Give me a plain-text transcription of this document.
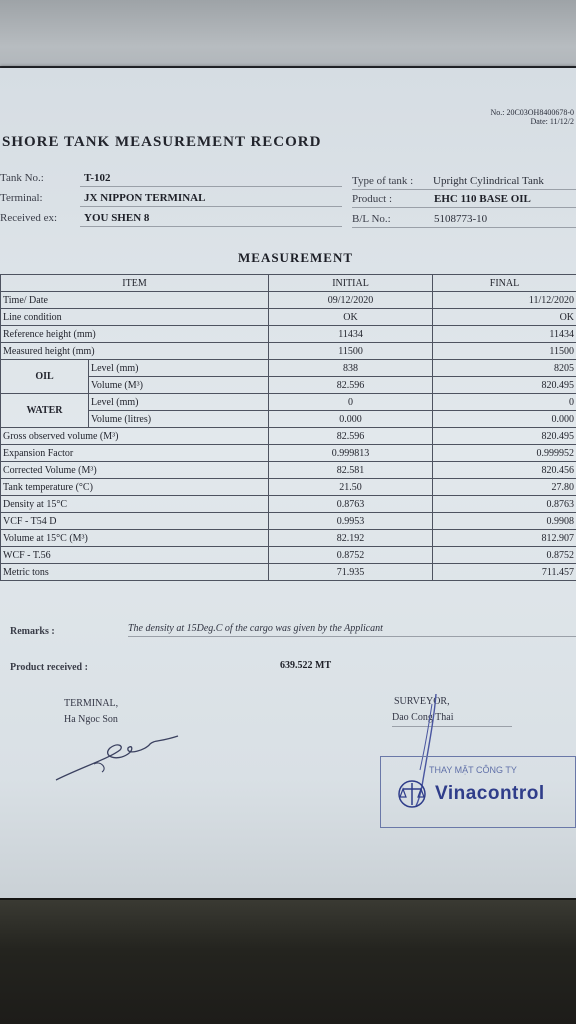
No.: 20C03OH8400678-0
Date: 11/12/2
SHORE TANK MEASUREMENT RECORD
Tank No.:	T-102
Terminal:	JX NIPPON TERMINAL
Received ex: YOU SHEN 8
Type of tank : Upright Cylindrical Tank
Product :	EHC 110 BASE OIL
B/L No.:	5108773-10
MEASUREMENT
ITEM		INITIAL	FINAL
Time/ Date		09/12/2020	11/12/2020
Line condition		OK	OK
Reference height (mm)		11434	11434
Measured height (mm)		11500	11500
OIL	Level (mm)	838	8205
	Volume (M³)	82.596	820.495
WATER	Level (mm)	0	0
	Volume (litres)	0.000	0.000
Gross observed volume (M³)		82.596	820.495
Expansion Factor		0.999813	0.999952
Corrected Volume (M³)		82.581	820.456
Tank temperature (°C)		21.50	27.80
Density at 15°C		0.8763	0.8763
VCF - T54 D		0.9953	0.9908
Volume at 15°C (M³)		82.192	812.907
WCF - T.56		0.8752	0.8752
Metric tons		71.935	711.457
Remarks :	The density at 15Deg.C of the cargo was given by the Applicant
Product received :	639.522 MT
TERMINAL,
Ha Ngoc Son
SURVEYOR,
Dao Cong Thai
THAY MẶT CÔNG TY
Vinacontrol
